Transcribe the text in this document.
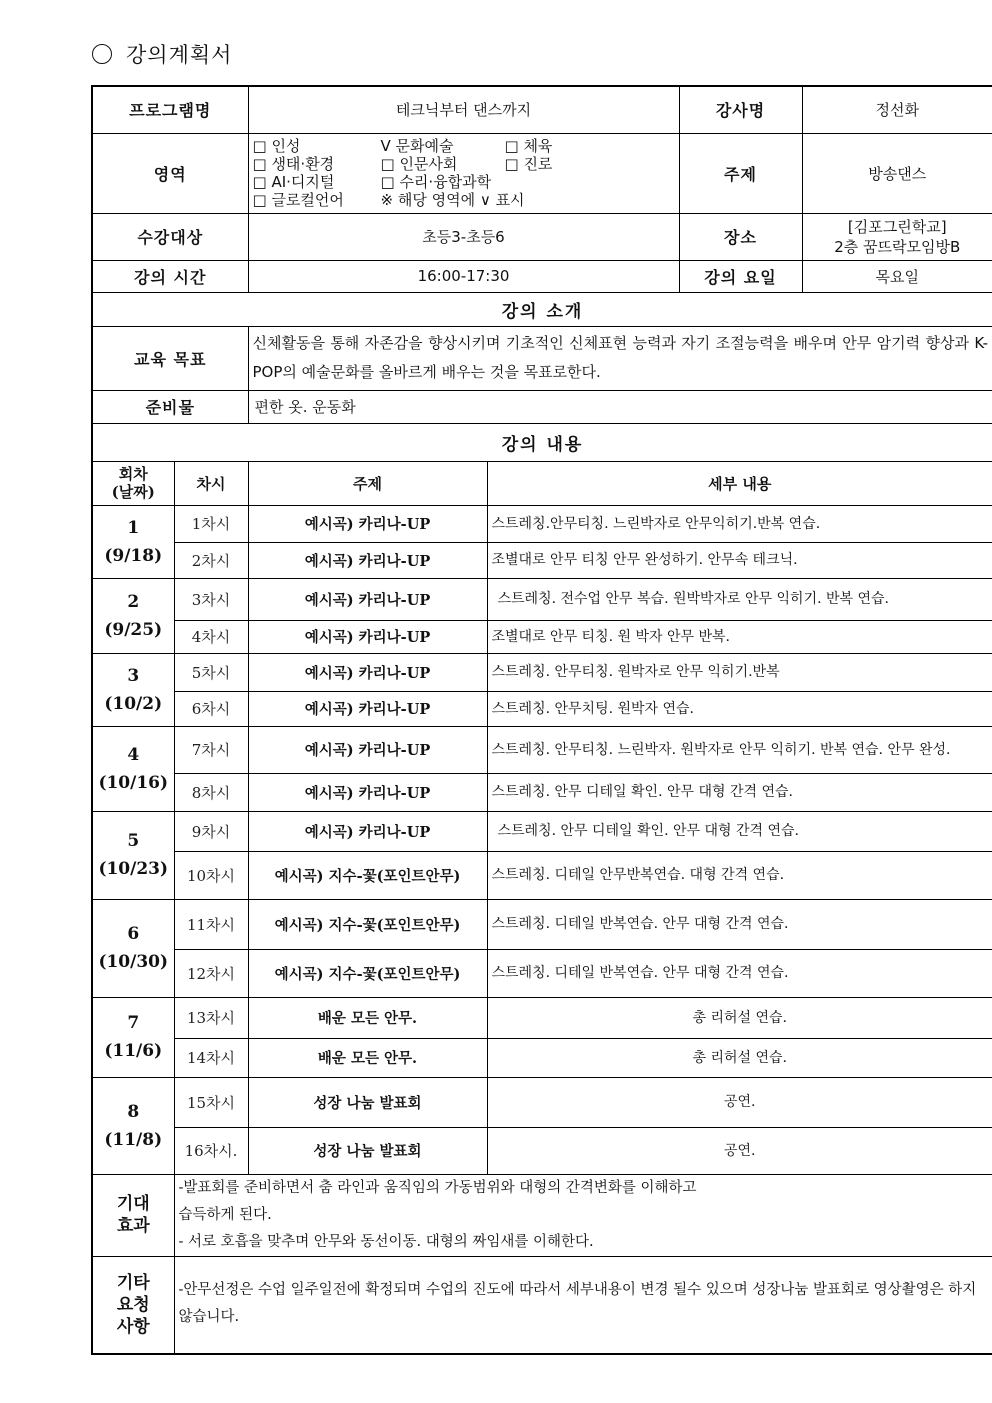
강의계획서
프로그램명		테크닉부터 댄스까지		강사명	정선화
영역		□ 인성 V 문화예술 □ 체육
□ 생태·환경 □ 인문사회 □ 진로
□ AI·디지털 □ 수리·융합과학
□ 글로컬언어 ※ 해당 영역에 ∨ 표시		주제	방송댄스
수강대상		초등3-초등6		장소	[김포그린학교]
2층 꿈뜨락모임방B
강의 시간		16:00-17:30		강의 요일	목요일
강의 소개					
교육 목표		신체활동을 통해 자존감을 향상시키며 기초적인 신체표현 능력과 자기 조절능력을 배우며 안무 암기력 향상과 K-POP의 예술문화를 올바르게 배우는 것을 목표로한다.			
준비물		편한 옷. 운동화			
강의 내용					
회차
(날짜)	차시	주제	세부 내용		
1
(9/18)	1차시	예시곡) 카리나-UP	스트레칭.안무티칭. 느린박자로 안무익히기.반복 연습.		
	2차시	예시곡) 카리나-UP	조별대로 안무 티칭 안무 완성하기. 안무속 테크닉.		
2
(9/25)	3차시	예시곡) 카리나-UP	스트레칭. 전수업 안무 복습. 원박박자로 안무 익히기. 반복 연습.		
	4차시	예시곡) 카리나-UP	조별대로 안무 티칭. 원 박자 안무 반복.		
3
(10/2)	5차시	예시곡) 카리나-UP	스트레칭. 안무티칭. 원박자로 안무 익히기.반복		
	6차시	예시곡) 카리나-UP	스트레칭. 안무치팅. 원박자 연습.		
4
(10/16)	7차시	예시곡) 카리나-UP	스트레칭. 안무티칭. 느린박자. 원박자로 안무 익히기. 반복 연습. 안무 완성.		
	8차시	예시곡) 카리나-UP	스트레칭. 안무 디테일 확인. 안무 대형 간격 연습.		
5
(10/23)	9차시	예시곡) 카리나-UP	스트레칭. 안무 디테일 확인. 안무 대형 간격 연습.		
	10차시	예시곡) 지수-꽃(포인트안무)	스트레칭. 디테일 안무반복연습. 대형 간격 연습.		
6
(10/30)	11차시	예시곡) 지수-꽃(포인트안무)	스트레칭. 디테일 반복연습. 안무 대형 간격 연습.		
	12차시	예시곡) 지수-꽃(포인트안무)	스트레칭. 디테일 반복연습. 안무 대형 간격 연습.		
7
(11/6)	13차시	배운 모든 안무.	총 리허설 연습.		
	14차시	배운 모든 안무.	총 리허설 연습.		
8
(11/8)	15차시	성장 나눔 발표회	공연.		
	16차시.	성장 나눔 발표회	공연.		
기대
효과	-발표회를 준비하면서 춤 라인과 움직임의 가동범위와 대형의 간격변화를 이해하고
습득하게 된다.
- 서로 호흡을 맞추며 안무와 동선이동. 대형의 짜임새를 이해한다.				
기타
요청
사항	-안무선정은 수업 일주일전에 확정되며 수업의 진도에 따라서 세부내용이 변경 될수 있으며 성장나눔 발표회로 영상촬영은 하지 않습니다.				
